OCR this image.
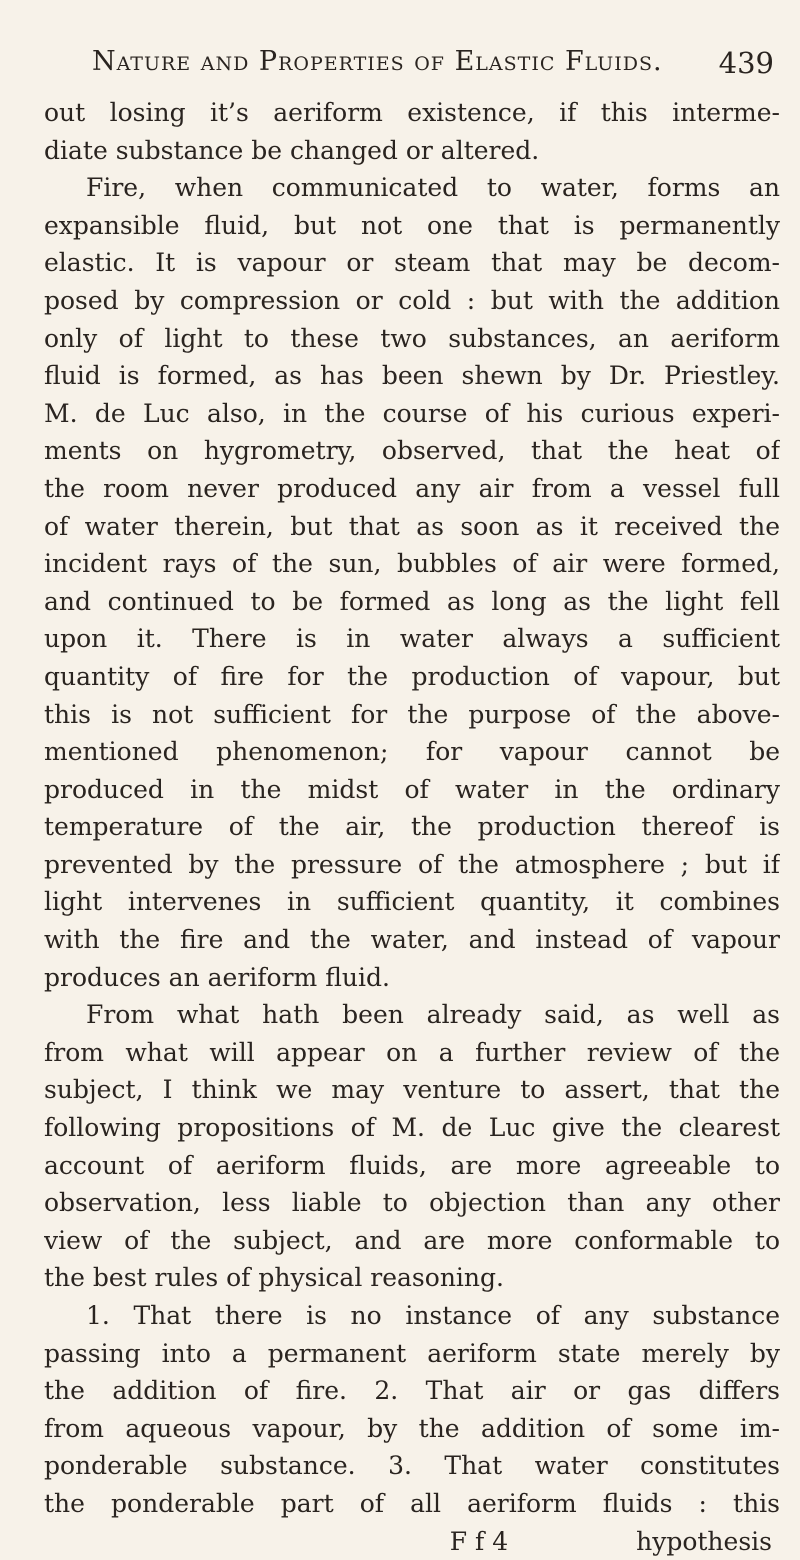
Nature and Properties of Elastic Fluids. 439
out losing it’s aeriform existence, if this interme-
diate substance be changed or altered.
Fire, when communicated to water, forms an
expansible fluid, but not one that is permanently
elastic. It is vapour or steam that may be decom-
posed by compression or cold : but with the addition
only of light to these two substances, an aeriform
fluid is formed, as has been shewn by Dr. Priestley.
M. de Luc also, in the course of his curious experi-
ments on hygrometry, observed, that the heat of
the room never produced any air from a vessel full
of water therein, but that as soon as it received the
incident rays of the sun, bubbles of air were formed,
and continued to be formed as long as the light fell
upon it. There is in water always a sufficient
quantity of fire for the production of vapour, but
this is not sufficient for the purpose of the above-
mentioned phenomenon; for vapour cannot be
produced in the midst of water in the ordinary
temperature of the air, the production thereof is
prevented by the pressure of the atmosphere ; but if
light intervenes in sufficient quantity, it combines
with the fire and the water, and instead of vapour
produces an aeriform fluid.
From what hath been already said, as well as
from what will appear on a further review of the
subject, I think we may venture to assert, that the
following propositions of M. de Luc give the clearest
account of aeriform fluids, are more agreeable to
observation, less liable to objection than any other
view of the subject, and are more conformable to
the best rules of physical reasoning.
1. That there is no instance of any substance
passing into a permanent aeriform state merely by
the addition of fire. 2. That air or gas differs
from aqueous vapour, by the addition of some im-
ponderable substance. 3. That water constitutes
the ponderable part of all aeriform fluids : this
F f 4	hypothesis
